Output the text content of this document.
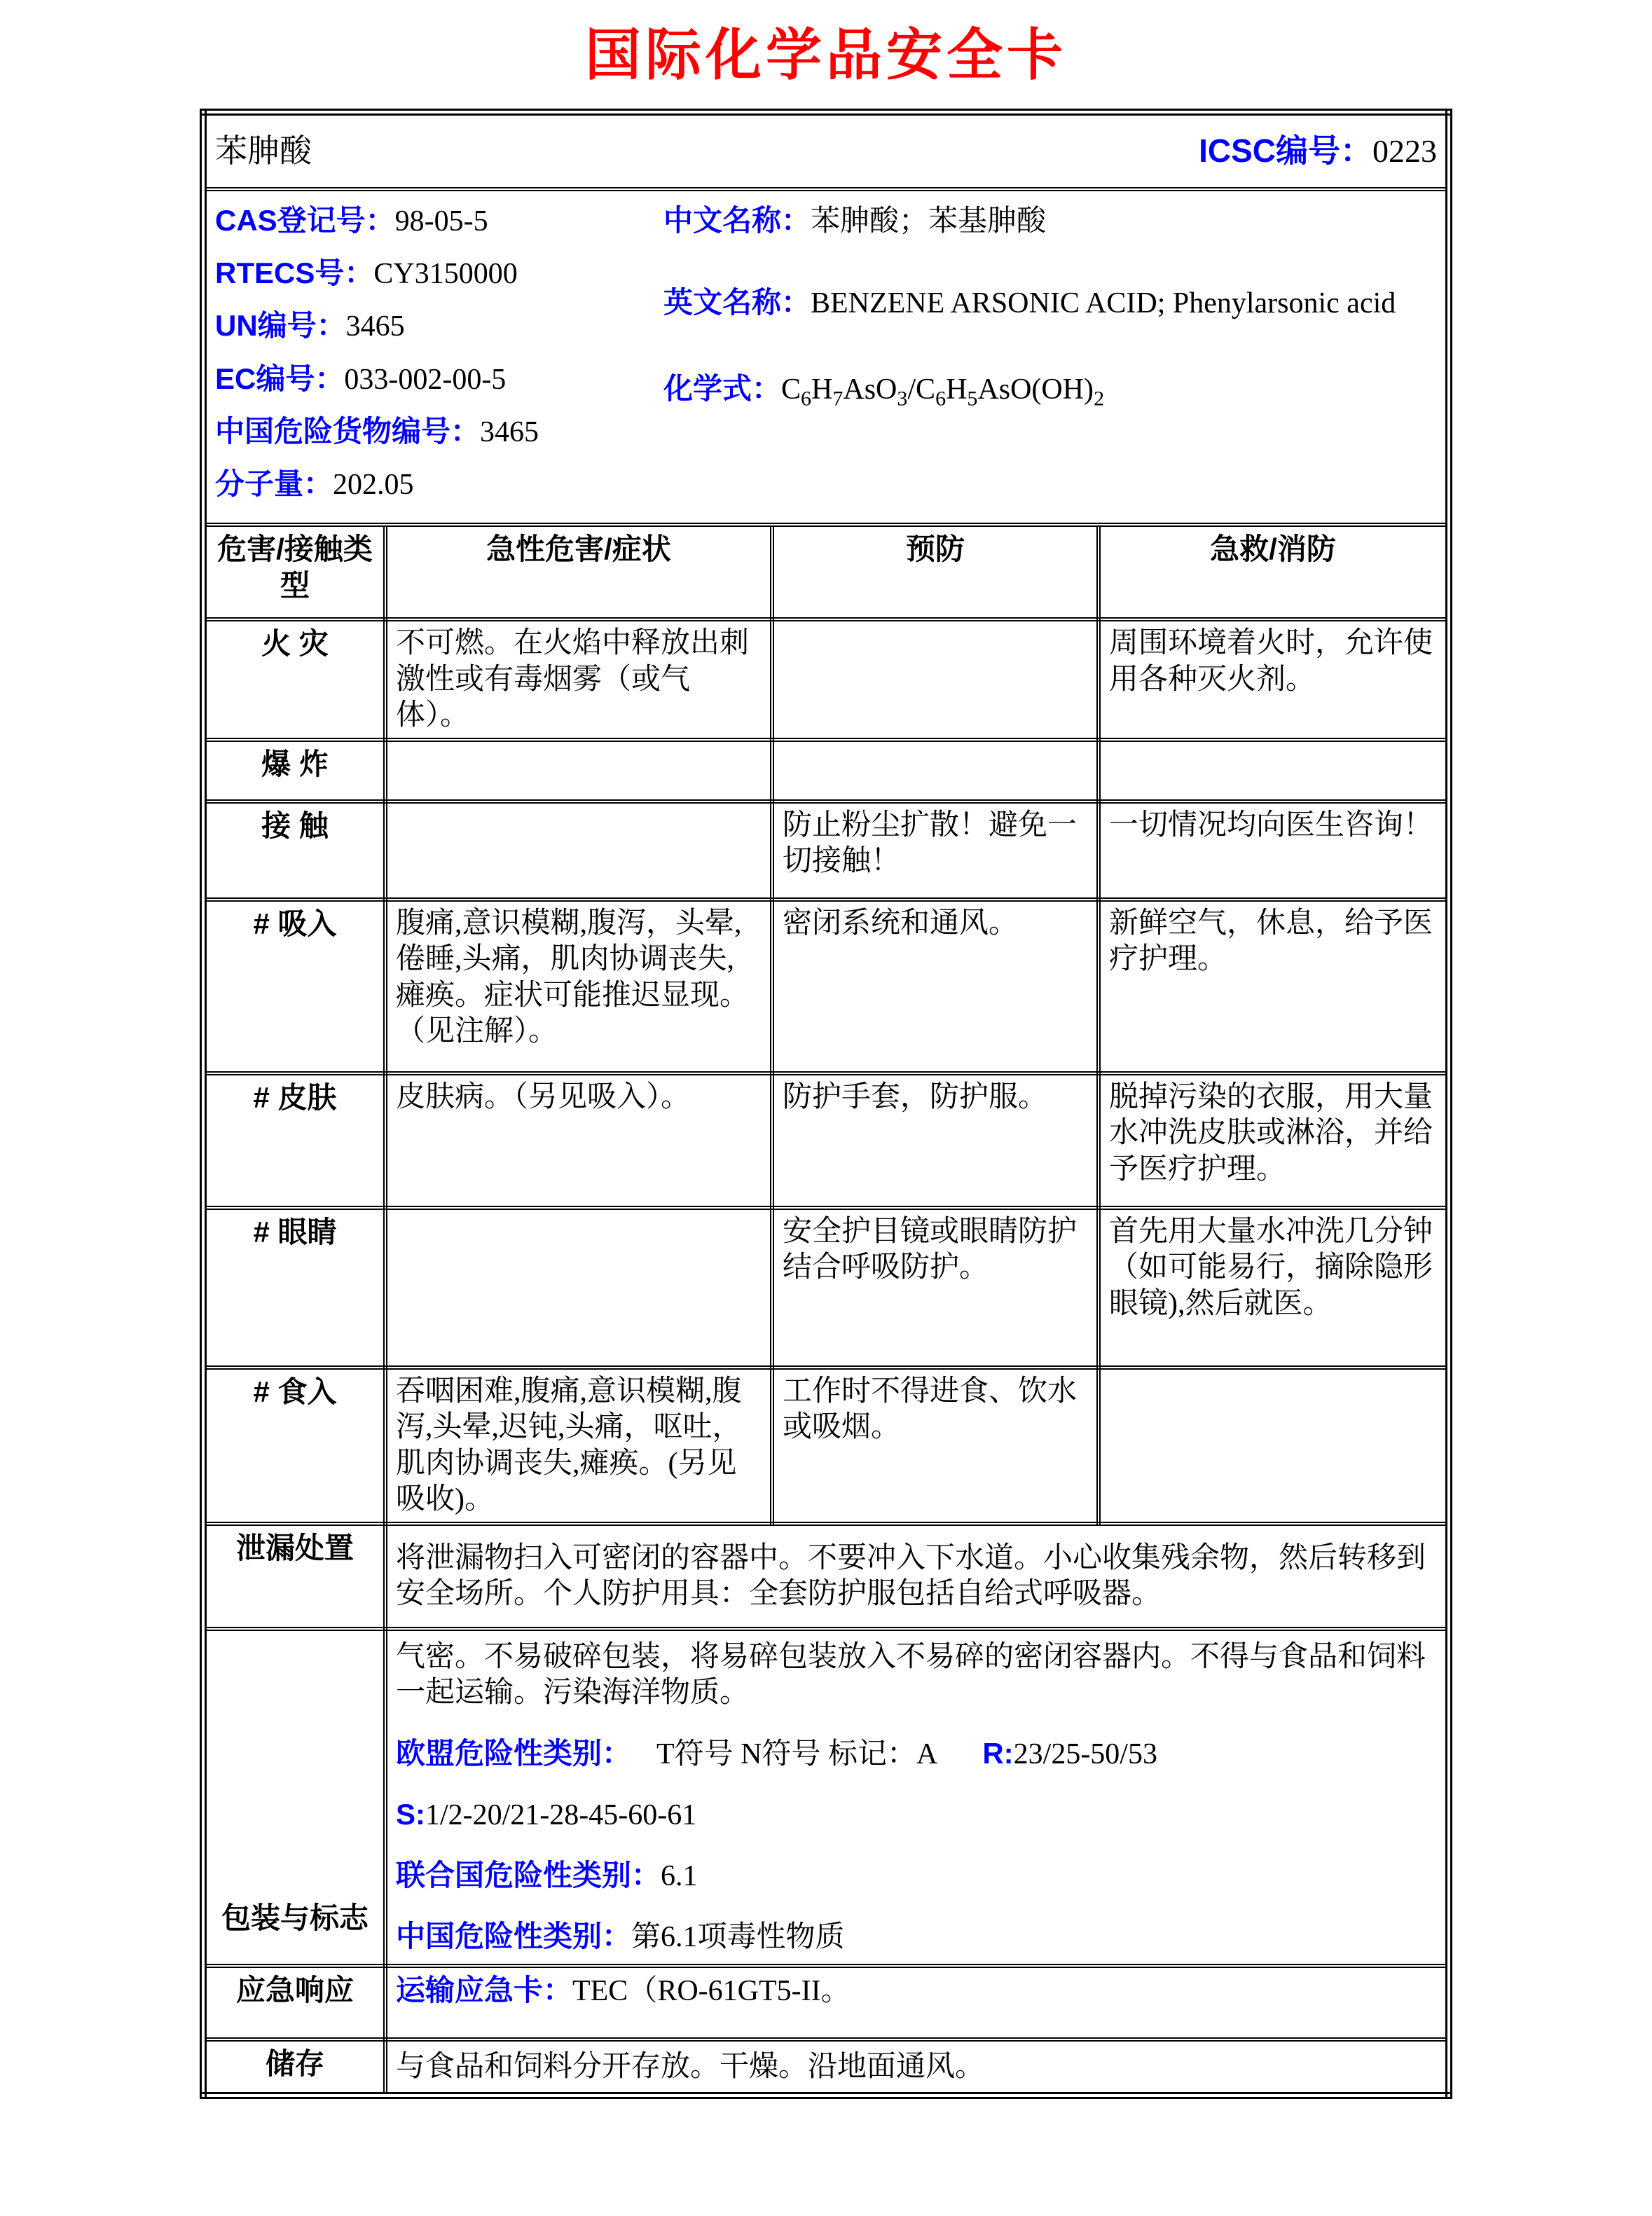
国际化学品安全卡
苯胂酸 ICSC编号：0223			

CAS登记号：98-05-5
RTECS号：CY3150000
UN编号：3465
EC编号：033-002-00-5
中国危险货物编号：3465
分子量：202.05
中文名称：苯胂酸；苯基胂酸
英文名称：BENZENE ARSONIC ACID; Phenylarsonic acid
化学式：$C_6H_7AsO_3/C_6H_5AsO(OH)_2$

危害/接触类型	急性危害/症状	预防	急救/消防
火 灾	不可燃。在火焰中释放出刺激性或有毒烟雾（或气体）。		周围环境着火时，允许使用各种灭火剂。
爆 炸			
接 触		防止粉尘扩散！避免一切接触！	一切情况均向医生咨询！
# 吸入	腹痛,意识模糊,腹泻，头晕,倦睡,头痛，肌肉协调丧失,瘫痪。症状可能推迟显现。（见注解）。	密闭系统和通风。	新鲜空气，休息，给予医疗护理。
# 皮肤	皮肤病。（另见吸入）。	防护手套，防护服。	脱掉污染的衣服，用大量水冲洗皮肤或淋浴，并给予医疗护理。
# 眼睛		安全护目镜或眼睛防护结合呼吸防护。	首先用大量水冲洗几分钟（如可能易行，摘除隐形眼镜),然后就医。
# 食入	吞咽困难,腹痛,意识模糊,腹泻,头晕,迟钝,头痛，呕吐，肌肉协调丧失,瘫痪。(另见吸收)。	工作时不得进食、饮水或吸烟。	
泄漏处置	将泄漏物扫入可密闭的容器中。不要冲入下水道。小心收集残余物，然后转移到安全场所。个人防护用具：全套防护服包括自给式呼吸器。		
包装与标志	气密。不易破碎包装，将易碎包装放入不易碎的密闭容器内。不得与食品和饲料一起运输。污染海洋物质。
欧盟危险性类别： T符号 N符号 标记：A R:23/25-50/53
S:1/2-20/21-28-45-60-61
联合国危险性类别：6.1
中国危险性类别：第6.1项毒性物质		

应急响应	运输应急卡：TEC（RO-61GT5-II。		
储存	与食品和饲料分开存放。干燥。沿地面通风。		
